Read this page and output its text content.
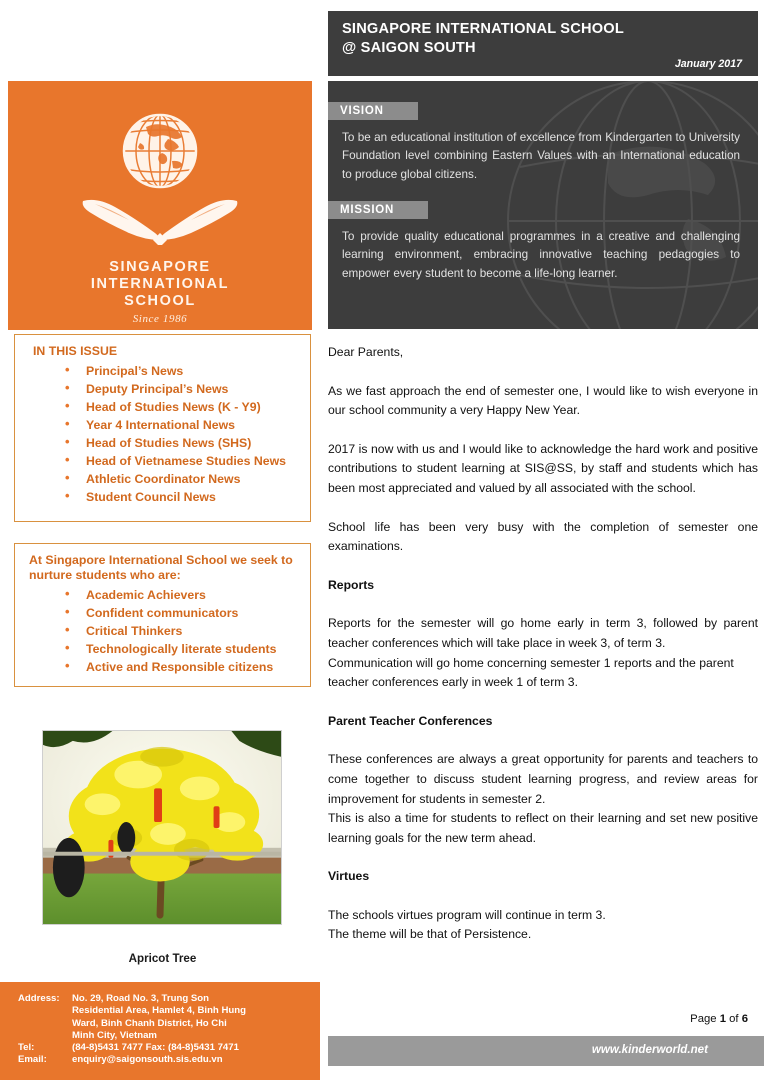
SINGAPORE
INTERNATIONAL
SCHOOL
Since 1986
IN THIS ISSUE
• Principal’s News
• Deputy Principal’s News
• Head of Studies News (K - Y9)
• Year 4 International News
• Head of Studies News (SHS)
• Head of Vietnamese Studies News
• Athletic Coordinator News
• Student Council News
At Singapore International School we seek to nurture students who are:
• Academic Achievers
• Confident communicators
• Critical Thinkers
• Technologically literate students
• Active and Responsible citizens
Apricot Tree
Address:	No. 29, Road No. 3, Trung Son
Residential Area, Hamlet 4, Binh Hung
Ward, Binh Chanh District, Ho Chi
Minh City, Vietnam
Tel:	(84-8)5431 7477 Fax: (84-8)5431 7471
Email:	enquiry@saigonsouth.sis.edu.vn
SINGAPORE INTERNATIONAL SCHOOL
@ SAIGON SOUTH
January 2017
VISION
To be an educational institution of excellence from Kindergarten to University Foundation level combining Eastern Values with an International education to produce global citizens.
MISSION
To provide quality educational programmes in a creative and challenging learning environment, embracing innovative teaching pedagogies to empower every student to become a life-long learner.
Dear Parents,
As we fast approach the end of semester one, I would like to wish everyone in our school community a very Happy New Year.
2017 is now with us and I would like to acknowledge the hard work and positive contributions to student learning at SIS@SS, by staff and students which has been most appreciated and valued by all associated with the school.
School life has been very busy with the completion of semester one examinations.
Reports
Reports for the semester will go home early in term 3, followed by parent teacher conferences which will take place in week 3, of term 3.
Communication will go home concerning semester 1 reports and the parent teacher conferences early in week 1 of term 3.
Parent Teacher Conferences
These conferences are always a great opportunity for parents and teachers to come together to discuss student learning progress, and review areas for improvement for students in semester 2.
This is also a time for students to reflect on their learning and set new positive learning goals for the new term ahead.
Virtues
The schools virtues program will continue in term 3.
The theme will be that of Persistence.
Page 1 of 6
www.kinderworld.net
